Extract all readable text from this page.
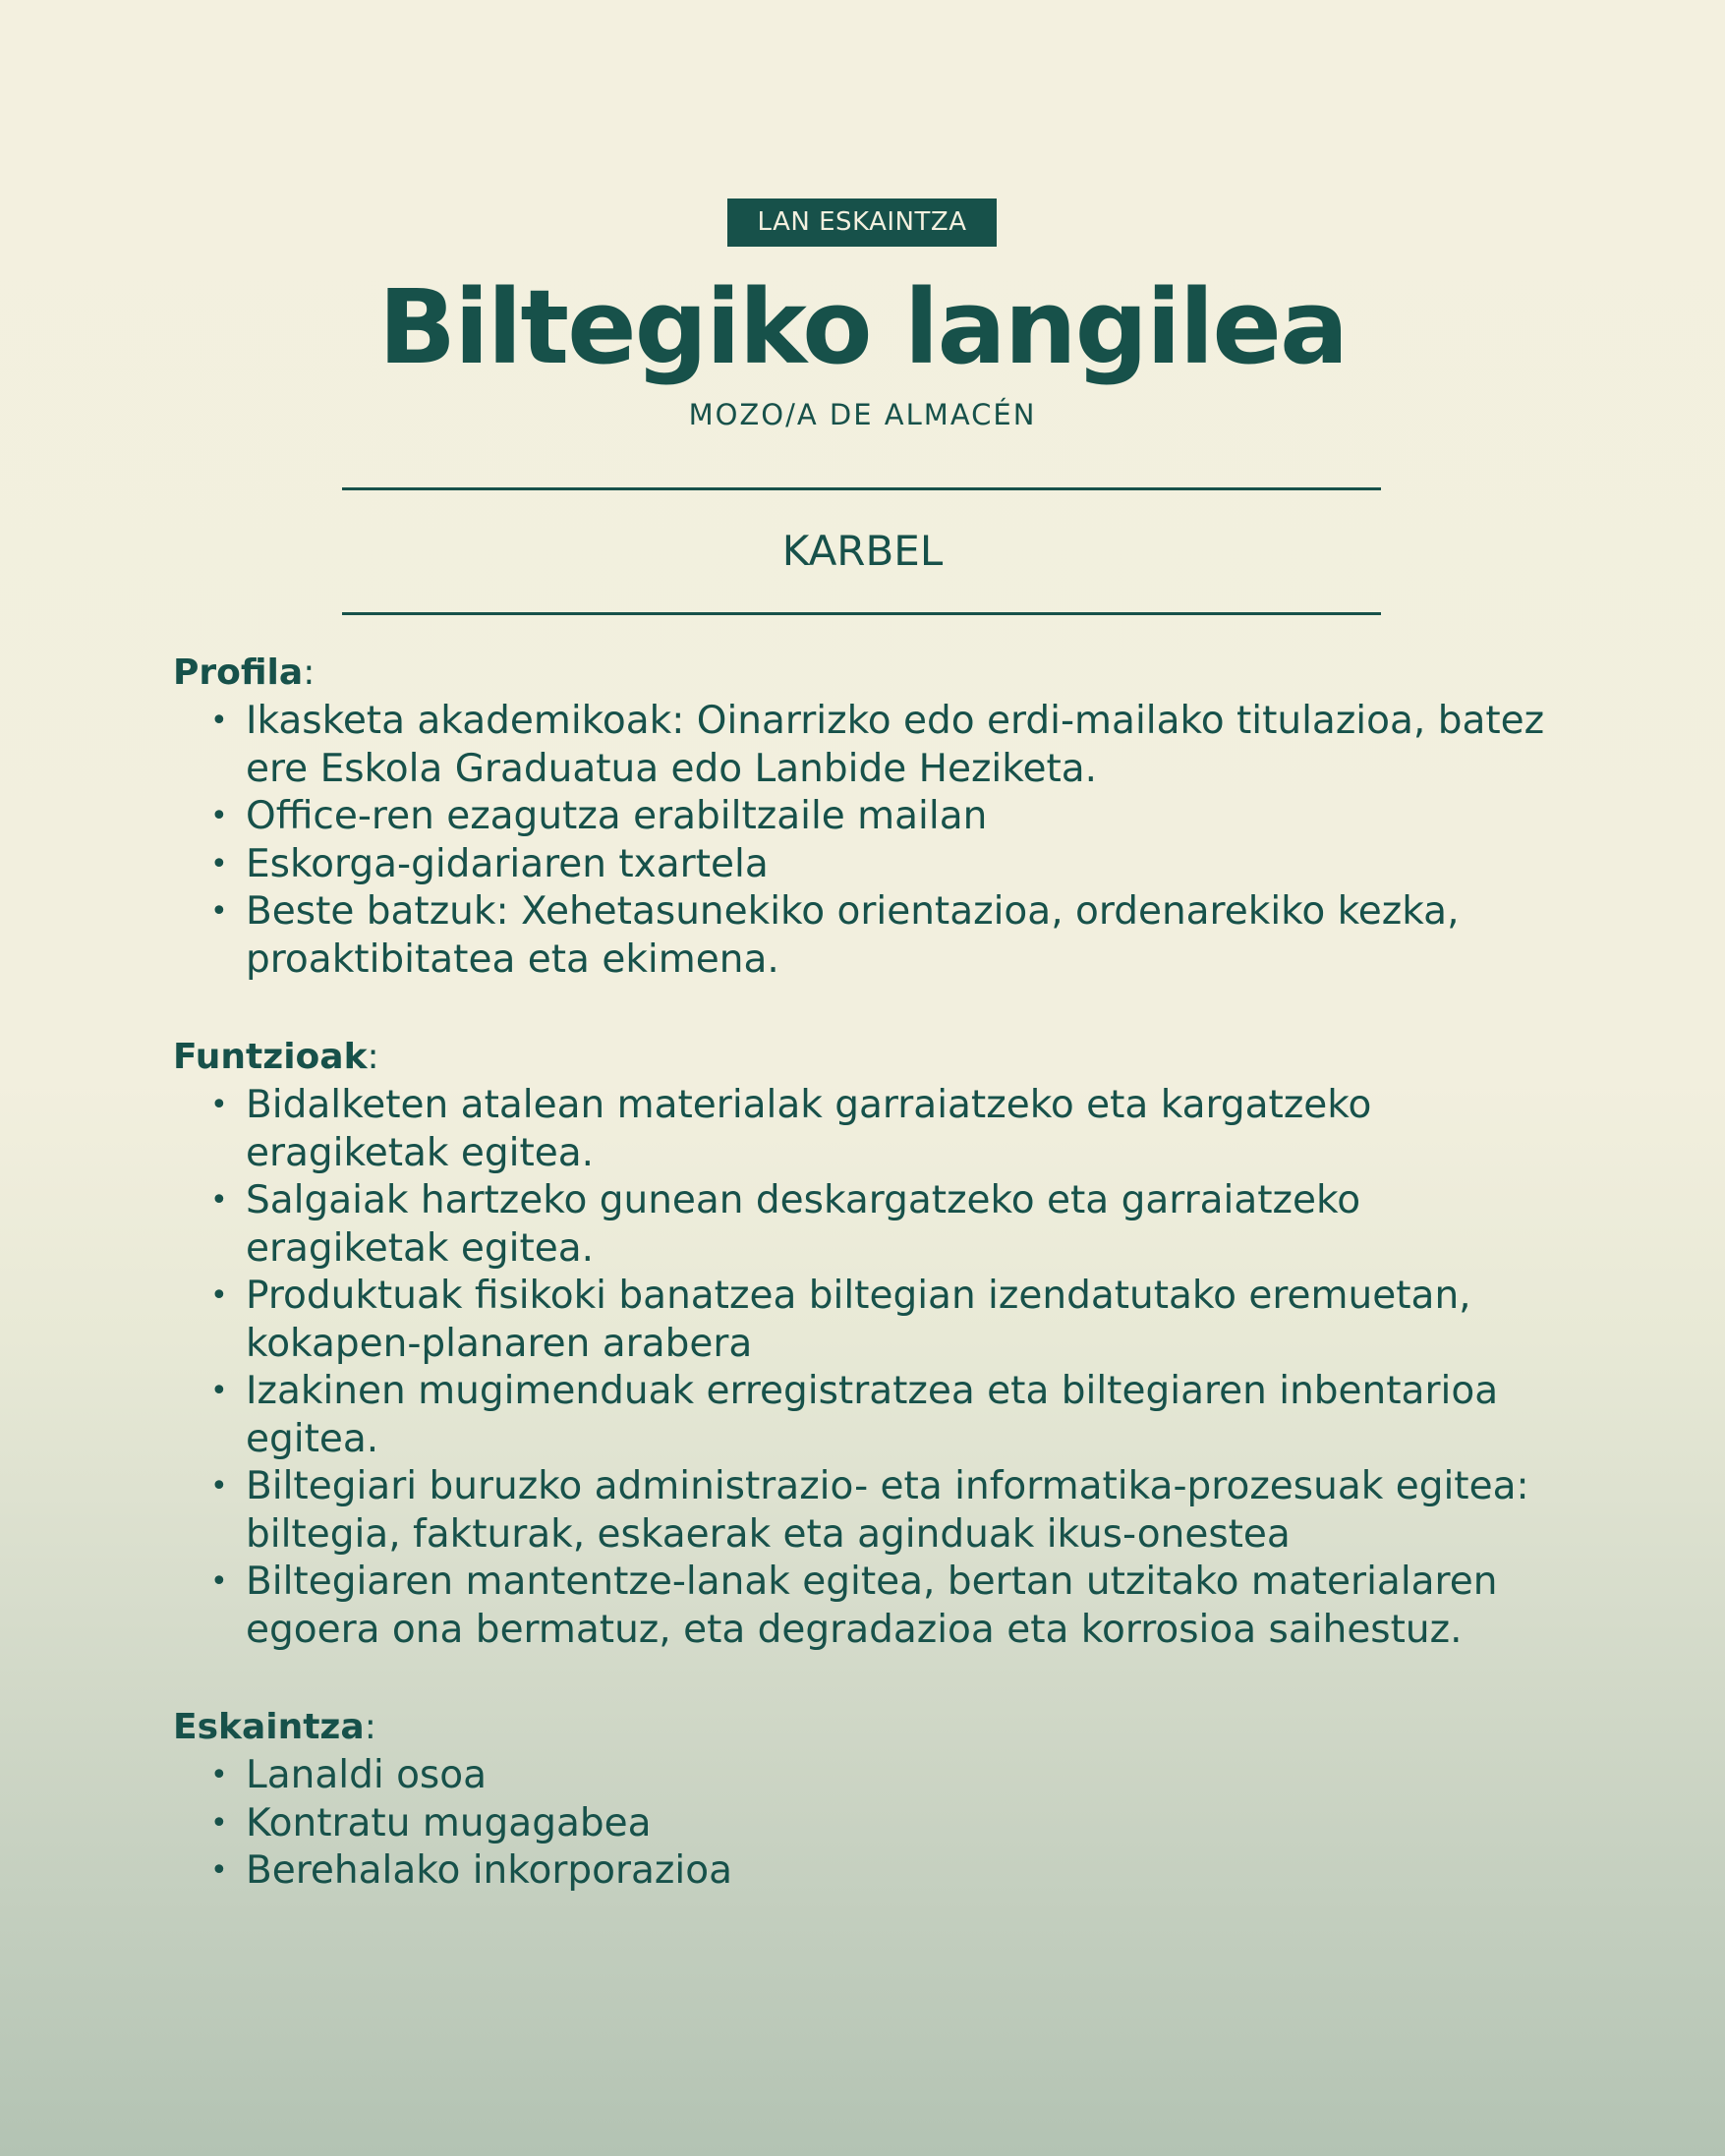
LAN ESKAINTZA
Biltegiko langilea
MOZO/A DE ALMACÉN
KARBEL
Profila:
• Ikasketa akademikoak: Oinarrizko edo erdi-mailako titulazioa, batez ere Eskola Graduatua edo Lanbide Heziketa.
• Office-ren ezagutza erabiltzaile mailan
• Eskorga-gidariaren txartela
• Beste batzuk: Xehetasunekiko orientazioa, ordenarekiko kezka, proaktibitatea eta ekimena.
Funtzioak:
• Bidalketen atalean materialak garraiatzeko eta kargatzeko eragiketak egitea.
• Salgaiak hartzeko gunean deskargatzeko eta garraiatzeko eragiketak egitea.
• Produktuak fisikoki banatzea biltegian izendatutako eremuetan, kokapen-planaren arabera
• Izakinen mugimenduak erregistratzea eta biltegiaren inbentarioa egitea.
• Biltegiari buruzko administrazio- eta informatika-prozesuak egitea: biltegia, fakturak, eskaerak eta aginduak ikus-onestea
• Biltegiaren mantentze-lanak egitea, bertan utzitako materialaren egoera ona bermatuz, eta degradazioa eta korrosioa saihestuz.
Eskaintza:
• Lanaldi osoa
• Kontratu mugagabea
• Berehalako inkorporazioa
